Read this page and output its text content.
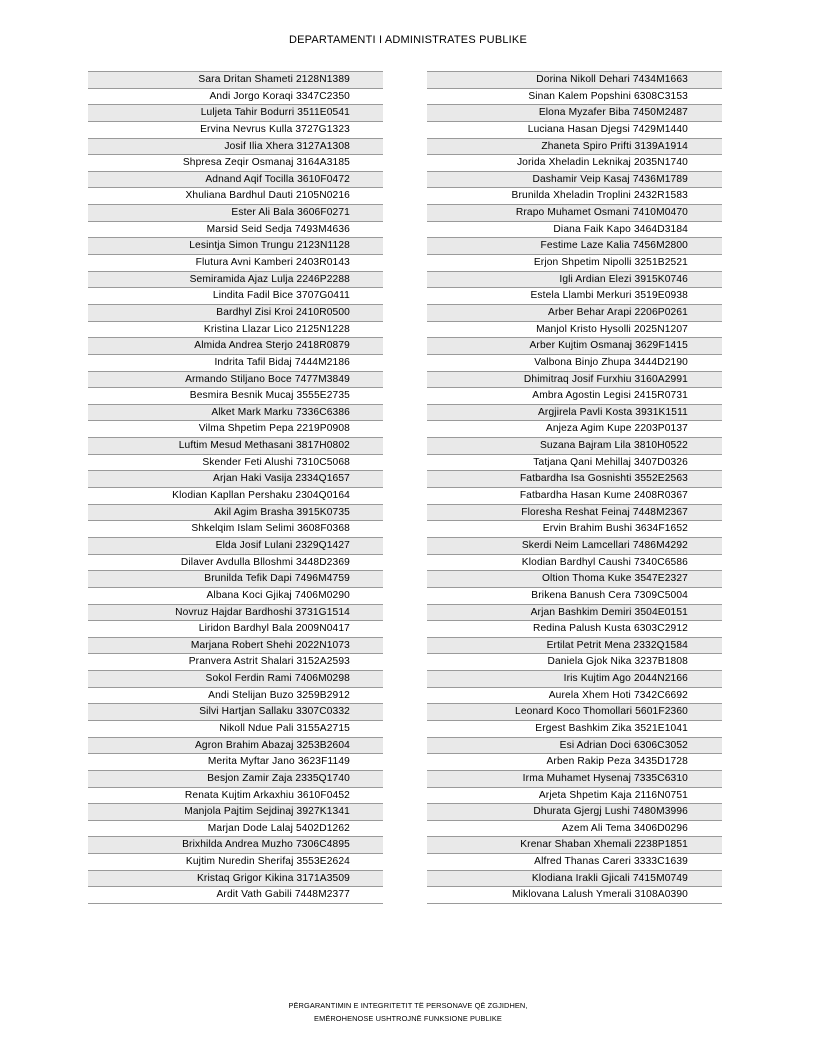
DEPARTAMENTI I ADMINISTRATES PUBLIKE
Sara Dritan Shameti 2128N1389
Andi Jorgo Koraqi 3347C2350
Luljeta Tahir Bodurri 3511E0541
Ervina Nevrus Kulla 3727G1323
Josif Ilia Xhera 3127A1308
Shpresa Zeqir Osmanaj 3164A3185
Adnand Aqif Tocilla 3610F0472
Xhuliana Bardhul Dauti 2105N0216
Ester Ali Bala 3606F0271
Marsid Seid Sedja 7493M4636
Lesintja Simon Trungu 2123N1128
Flutura Avni Kamberi 2403R0143
Semiramida Ajaz Lulja 2246P2288
Lindita Fadil Bice 3707G0411
Bardhyl Zisi Kroi 2410R0500
Kristina Llazar Lico 2125N1228
Almida Andrea Sterjo 2418R0879
Indrita Tafil Bidaj 7444M2186
Armando Stiljano Boce 7477M3849
Besmira Besnik Mucaj 3555E2735
Alket Mark Marku 7336C6386
Vilma Shpetim Pepa 2219P0908
Luftim Mesud Methasani 3817H0802
Skender Feti Alushi 7310C5068
Arjan Haki Vasija 2334Q1657
Klodian Kapllan Pershaku 2304Q0164
Akil Agim Brasha 3915K0735
Shkelqim Islam Selimi 3608F0368
Elda Josif Lulani 2329Q1427
Dilaver Avdulla Blloshmi 3448D2369
Brunilda Tefik Dapi 7496M4759
Albana Koci Gjikaj 7406M0290
Novruz Hajdar Bardhoshi 3731G1514
Liridon Bardhyl Bala 2009N0417
Marjana Robert Shehi 2022N1073
Pranvera Astrit Shalari 3152A2593
Sokol Ferdin Rami 7406M0298
Andi Stelijan Buzo 3259B2912
Silvi Hartjan Sallaku 3307C0332
Nikoll Ndue Pali 3155A2715
Agron Brahim Abazaj 3253B2604
Merita Myftar Jano 3623F1149
Besjon Zamir Zaja 2335Q1740
Renata Kujtim Arkaxhiu 3610F0452
Manjola Pajtim Sejdinaj 3927K1341
Marjan Dode Lalaj 5402D1262
Brixhilda Andrea Muzho 7306C4895
Kujtim Nuredin Sherifaj 3553E2624
Kristaq Grigor Kikina 3171A3509
Ardit Vath Gabili 7448M2377
Dorina Nikoll Dehari 7434M1663
Sinan Kalem Popshini 6308C3153
Elona Myzafer Biba 7450M2487
Luciana Hasan Djegsi 7429M1440
Zhaneta Spiro Prifti 3139A1914
Jorida Xheladin Leknikaj 2035N1740
Dashamir Veip Kasaj 7436M1789
Brunilda Xheladin Troplini 2432R1583
Rrapo Muhamet Osmani 7410M0470
Diana Faik Kapo 3464D3184
Festime Laze Kalia 7456M2800
Erjon Shpetim Nipolli 3251B2521
Igli Ardian Elezi 3915K0746
Estela Llambi Merkuri 3519E0938
Arber Behar Arapi 2206P0261
Manjol Kristo Hysolli 2025N1207
Arber Kujtim Osmanaj 3629F1415
Valbona Binjo Zhupa 3444D2190
Dhimitraq Josif Furxhiu 3160A2991
Ambra Agostin Legisi 2415R0731
Argjirela Pavli Kosta 3931K1511
Anjeza Agim Kupe 2203P0137
Suzana Bajram Lila 3810H0522
Tatjana Qani Mehillaj 3407D0326
Fatbardha Isa Gosnishti 3552E2563
Fatbardha Hasan Kume 2408R0367
Floresha Reshat Feinaj 7448M2367
Ervin Brahim Bushi 3634F1652
Skerdi Neim Lamcellari 7486M4292
Klodian Bardhyl Caushi 7340C6586
Oltion Thoma Kuke 3547E2327
Brikena Banush Cera 7309C5004
Arjan Bashkim Demiri 3504E0151
Redina Palush Kusta 6303C2912
Ertilat Petrit Mena 2332Q1584
Daniela Gjok Nika 3237B1808
Iris Kujtim Ago 2044N2166
Aurela Xhem Hoti 7342C6692
Leonard Koco Thomollari 5601F2360
Ergest Bashkim Zika 3521E1041
Esi Adrian Doci 6306C3052
Arben Rakip Peza 3435D1728
Irma Muhamet Hysenaj 7335C6310
Arjeta Shpetim Kaja 2116N0751
Dhurata Gjergj Lushi 7480M3996
Azem Ali Tema 3406D0296
Krenar Shaban Xhemali 2238P1851
Alfred Thanas Careri 3333C1639
Klodiana Irakli Gjicali 7415M0749
Miklovana Lalush Ymerali 3108A0390
PËRGARANTIMIN E INTEGRITETIT TË PERSONAVE QË ZGJIDHEN,
EMËROHENOSE USHTROJNË FUNKSIONE PUBLIKE
